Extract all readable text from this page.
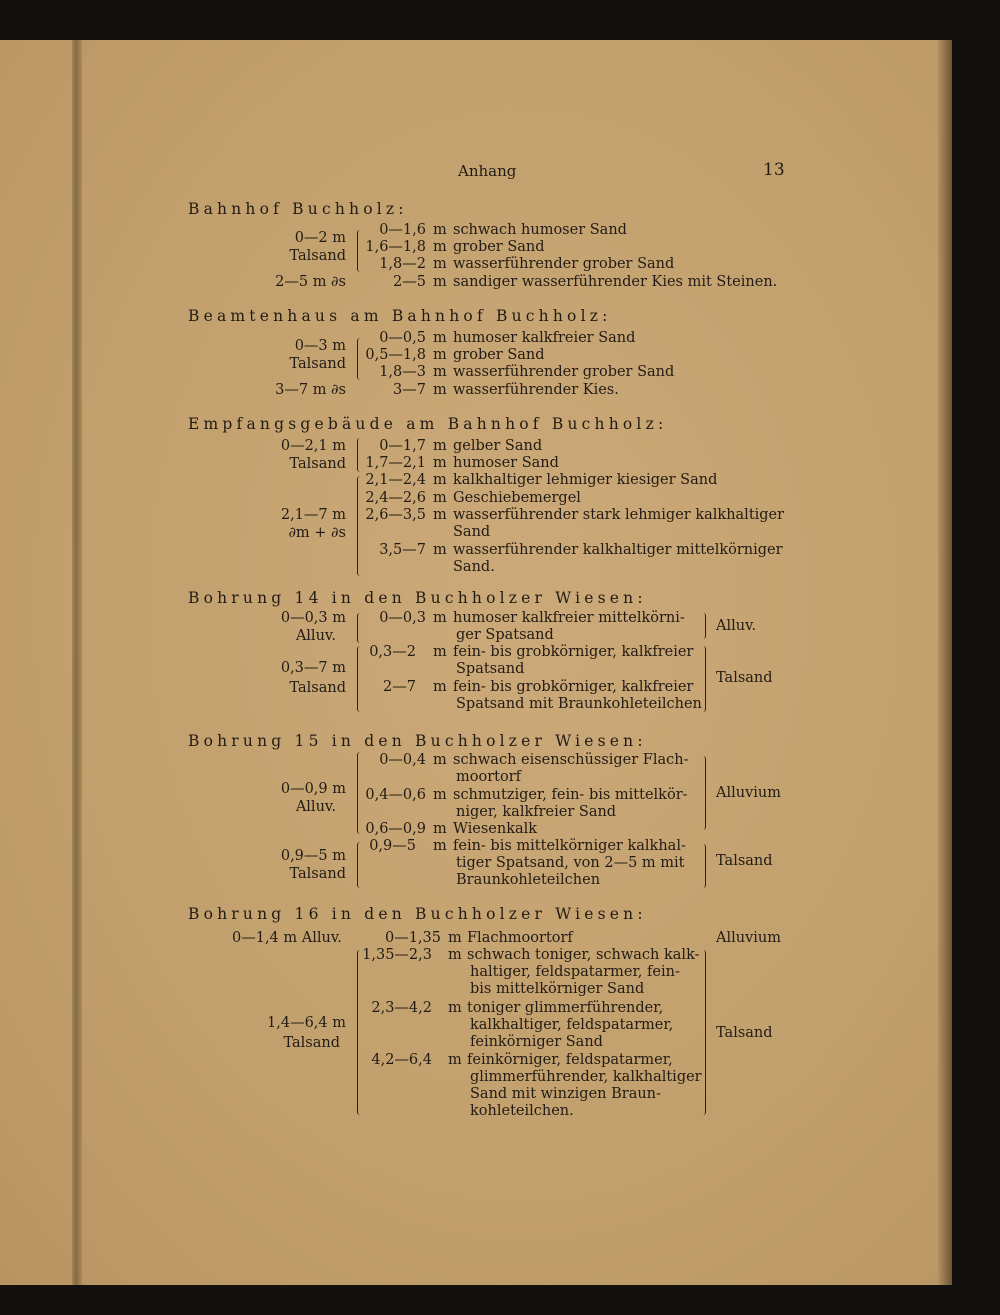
Anhang	13
Bahnhof Buchholz:
0—2 m
Talsand
2—5 m ∂s
0—1,6 m schwach humoser Sand
1,6—1,8 m grober Sand
1,8—2 m wasserführender grober Sand
2—5 m sandiger wasserführender Kies mit Steinen.
Beamtenhaus am Bahnhof Buchholz:
0—3 m
Talsand
3—7 m ∂s
0—0,5 m humoser kalkfreier Sand
0,5—1,8 m grober Sand
1,8—3 m wasserführender grober Sand
3—7 m wasserführender Kies.
Empfangsgebäude am Bahnhof Buchholz:
0—2,1 m
Talsand
2,1—7 m
∂m + ∂s
0—1,7 m gelber Sand
1,7—2,1 m humoser Sand
2,1—2,4 m kalkhaltiger lehmiger kiesiger Sand
2,4—2,6 m Geschiebemergel
2,6—3,5 m wasserführender stark lehmiger kalkhaltiger
Sand
3,5—7 m wasserführender kalkhaltiger mittelkörniger
Sand.
Bohrung 14 in den Buchholzer Wiesen:
0—0,3 m
Alluv.
0,3—7 m
Talsand
0—0,3 m humoser kalkfreier mittelkörni-
ger Spatsand
0,3—2 m fein- bis grobkörniger, kalkfreier
Spatsand
2—7 m fein- bis grobkörniger, kalkfreier
Spatsand mit Braunkohleteilchen
Alluv.
Talsand
Bohrung 15 in den Buchholzer Wiesen:
0—0,9 m
Alluv.
0,9—5 m
Talsand
0—0,4 m schwach eisenschüssiger Flach-
moortorf
0,4—0,6 m schmutziger, fein- bis mittelkör-
niger, kalkfreier Sand
0,6—0,9 m Wiesenkalk
0,9—5 m fein- bis mittelkörniger kalkhal-
tiger Spatsand, von 2—5 m mit
Braunkohleteilchen
Alluvium
Talsand
Bohrung 16 in den Buchholzer Wiesen:
0—1,4 m Alluv.
1,4—6,4 m
Talsand
0—1,35 m Flachmoortorf
1,35—2,3 m schwach toniger, schwach kalk-
haltiger, feldspatarmer, fein-
bis mittelkörniger Sand
2,3—4,2 m toniger glimmerführender,
kalkhaltiger, feldspatarmer,
feinkörniger Sand
4,2—6,4 m feinkörniger, feldspatarmer,
glimmerführender, kalkhaltiger
Sand mit winzigen Braun-
kohleteilchen.
Alluvium
Talsand
